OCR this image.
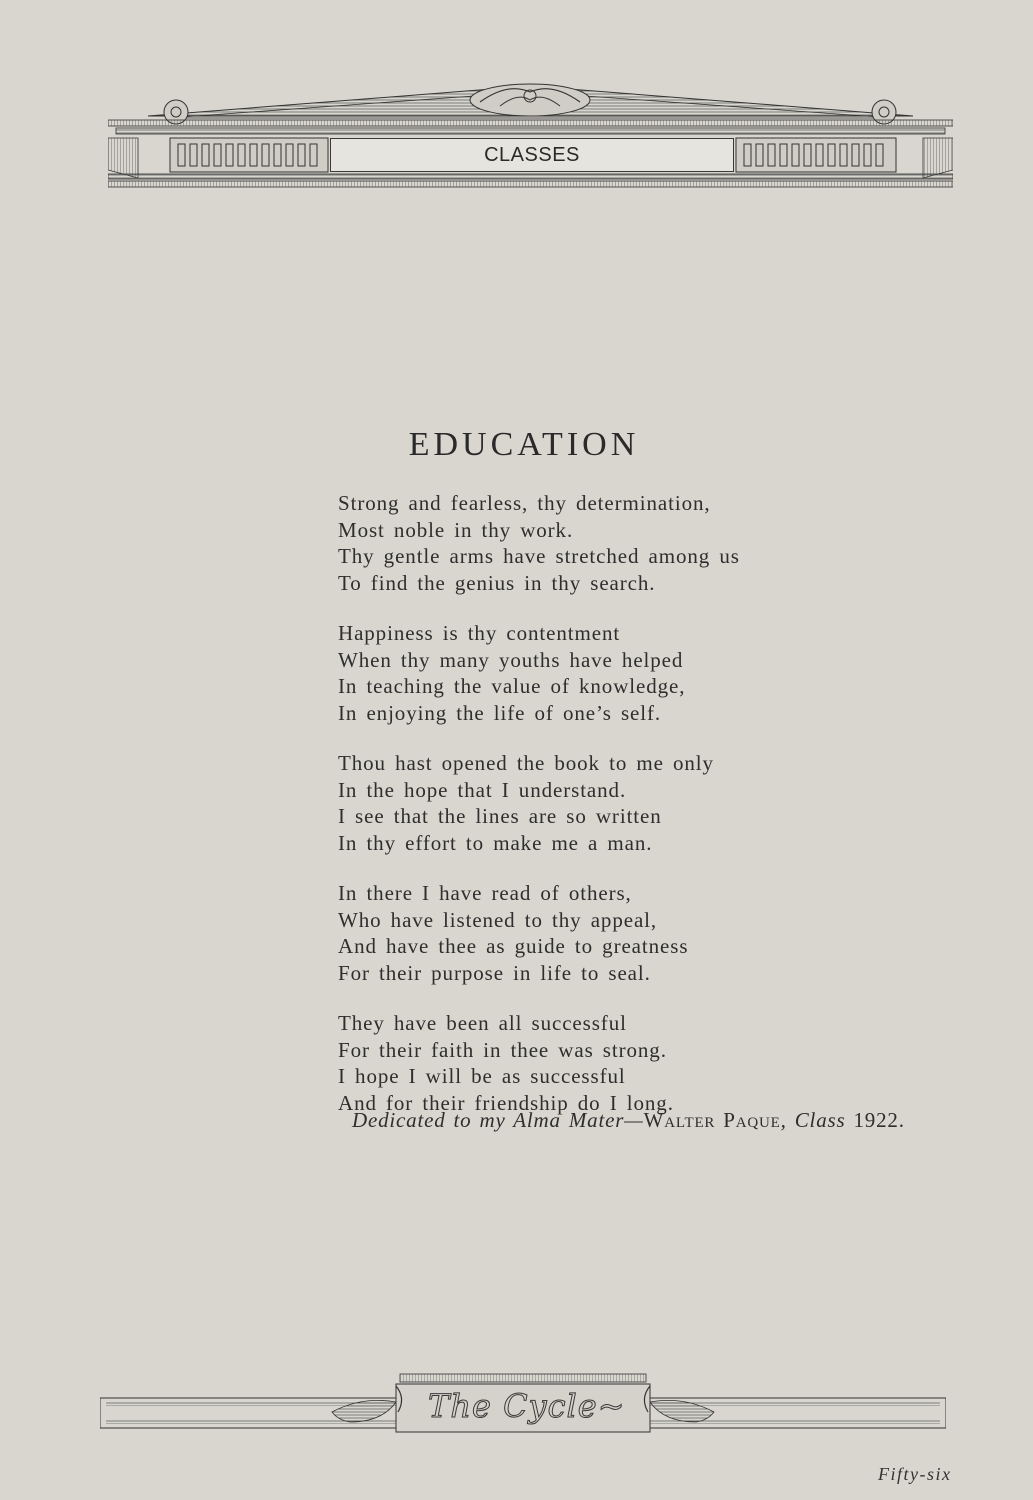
CLASSES
EDUCATION
Strong and fearless, thy determination,
Most noble in thy work.
Thy gentle arms have stretched among us
To find the genius in thy search.
Happiness is thy contentment
When thy many youths have helped
In teaching the value of knowledge,
In enjoying the life of one’s self.
Thou hast opened the book to me only
In the hope that I understand.
I see that the lines are so written
In thy effort to make me a man.
In there I have read of others,
Who have listened to thy appeal,
And have thee as guide to greatness
For their purpose in life to seal.
They have been all successful
For their faith in thee was strong.
I hope I will be as successful
And for their friendship do I long.
Dedicated to my Alma Mater—Walter Paque, Class 1922.
The Cycle~
Fifty-six
